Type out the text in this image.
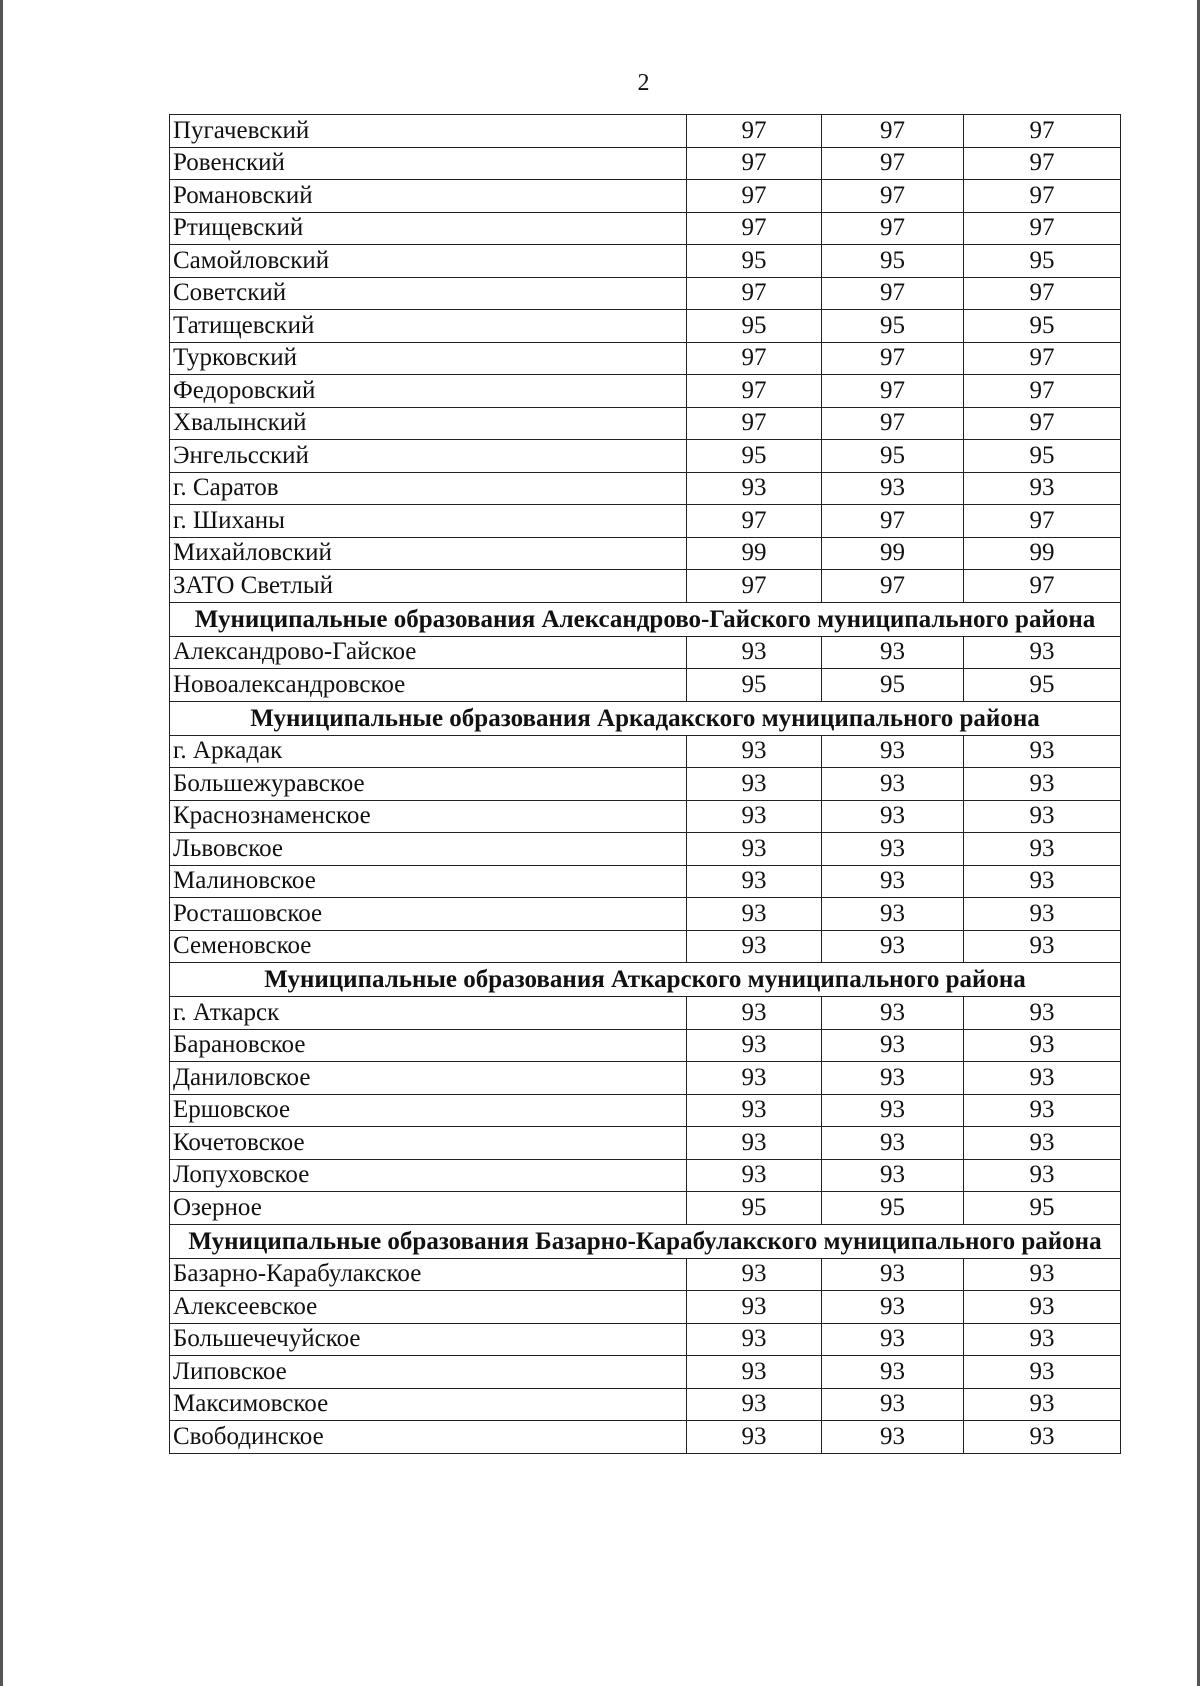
2
Пугачевский	97	97	97
Ровенский	97	97	97
Романовский	97	97	97
Ртищевский	97	97	97
Самойловский	95	95	95
Советский	97	97	97
Татищевский	95	95	95
Турковский	97	97	97
Федоровский	97	97	97
Хвалынский	97	97	97
Энгельсский	95	95	95
г. Саратов	93	93	93
г. Шиханы	97	97	97
Михайловский	99	99	99
ЗАТО Светлый	97	97	97
Муниципальные образования Александрово-Гайского муниципального района			
Александрово-Гайское	93	93	93
Новоалександровское	95	95	95
Муниципальные образования Аркадакского муниципального района			
г. Аркадак	93	93	93
Большежуравское	93	93	93
Краснознаменское	93	93	93
Львовское	93	93	93
Малиновское	93	93	93
Росташовское	93	93	93
Семеновское	93	93	93
Муниципальные образования Аткарского муниципального района			
г. Аткарск	93	93	93
Барановское	93	93	93
Даниловское	93	93	93
Ершовское	93	93	93
Кочетовское	93	93	93
Лопуховское	93	93	93
Озерное	95	95	95
Муниципальные образования Базарно-Карабулакского муниципального района			
Базарно-Карабулакское	93	93	93
Алексеевское	93	93	93
Большечечуйское	93	93	93
Липовское	93	93	93
Максимовское	93	93	93
Свободинское	93	93	93
